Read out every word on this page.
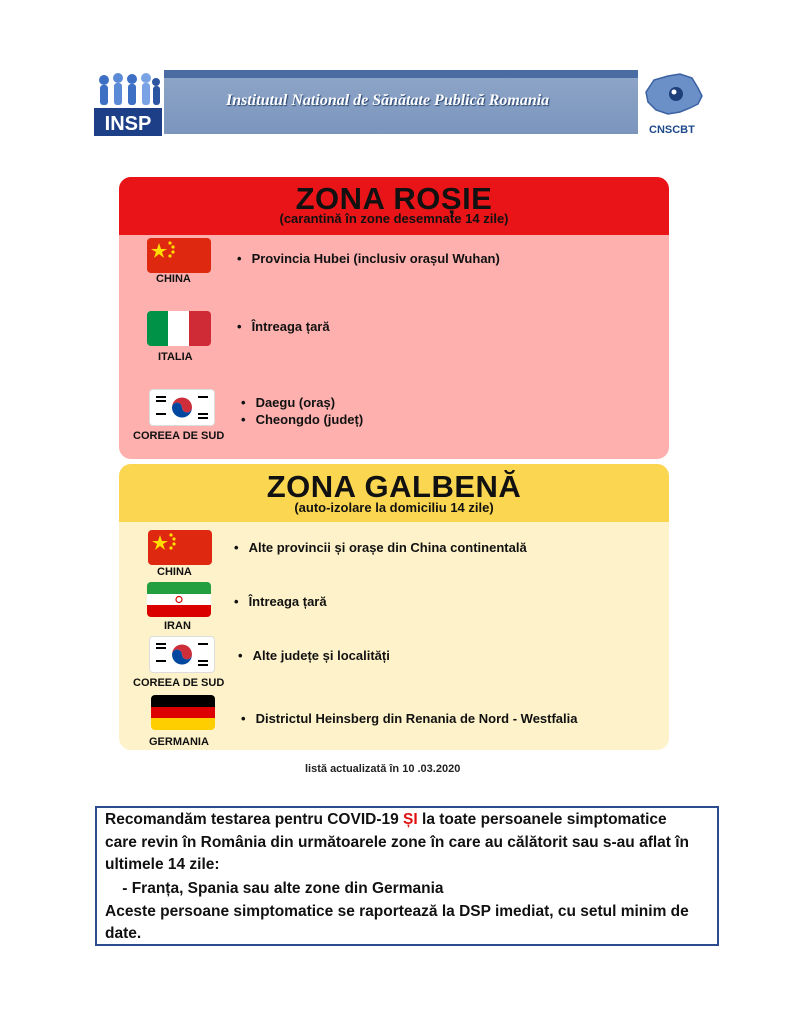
INSP
Institutul National de Sănătate Publică Romania
CNSCBT
ZONA ROȘIE
(carantină în zone desemnate 14 zile)
CHINA
• Provincia Hubei (inclusiv orașul Wuhan)
ITALIA
• Întreaga țară
COREEA DE SUD
• Daegu (oraș)
• Cheongdo (județ)
ZONA GALBENĂ
(auto-izolare la domiciliu 14 zile)
CHINA
• Alte provincii și orașe din China continentală
IRAN
• Întreaga țară
COREEA DE SUD
• Alte județe și localități
GERMANIA
• Districtul Heinsberg din Renania de Nord - Westfalia
listă actualizată în 10 .03.2020

Recomandăm testarea pentru COVID-19 ȘI la toate persoanele simptomatice

care revin în România din următoarele zone în care au călătorit sau s-au aflat în

ultimele 14 zile:

- Franța, Spania sau alte zone din Germania

Aceste persoane simptomatice se raportează la DSP imediat, cu setul minim de

date.
